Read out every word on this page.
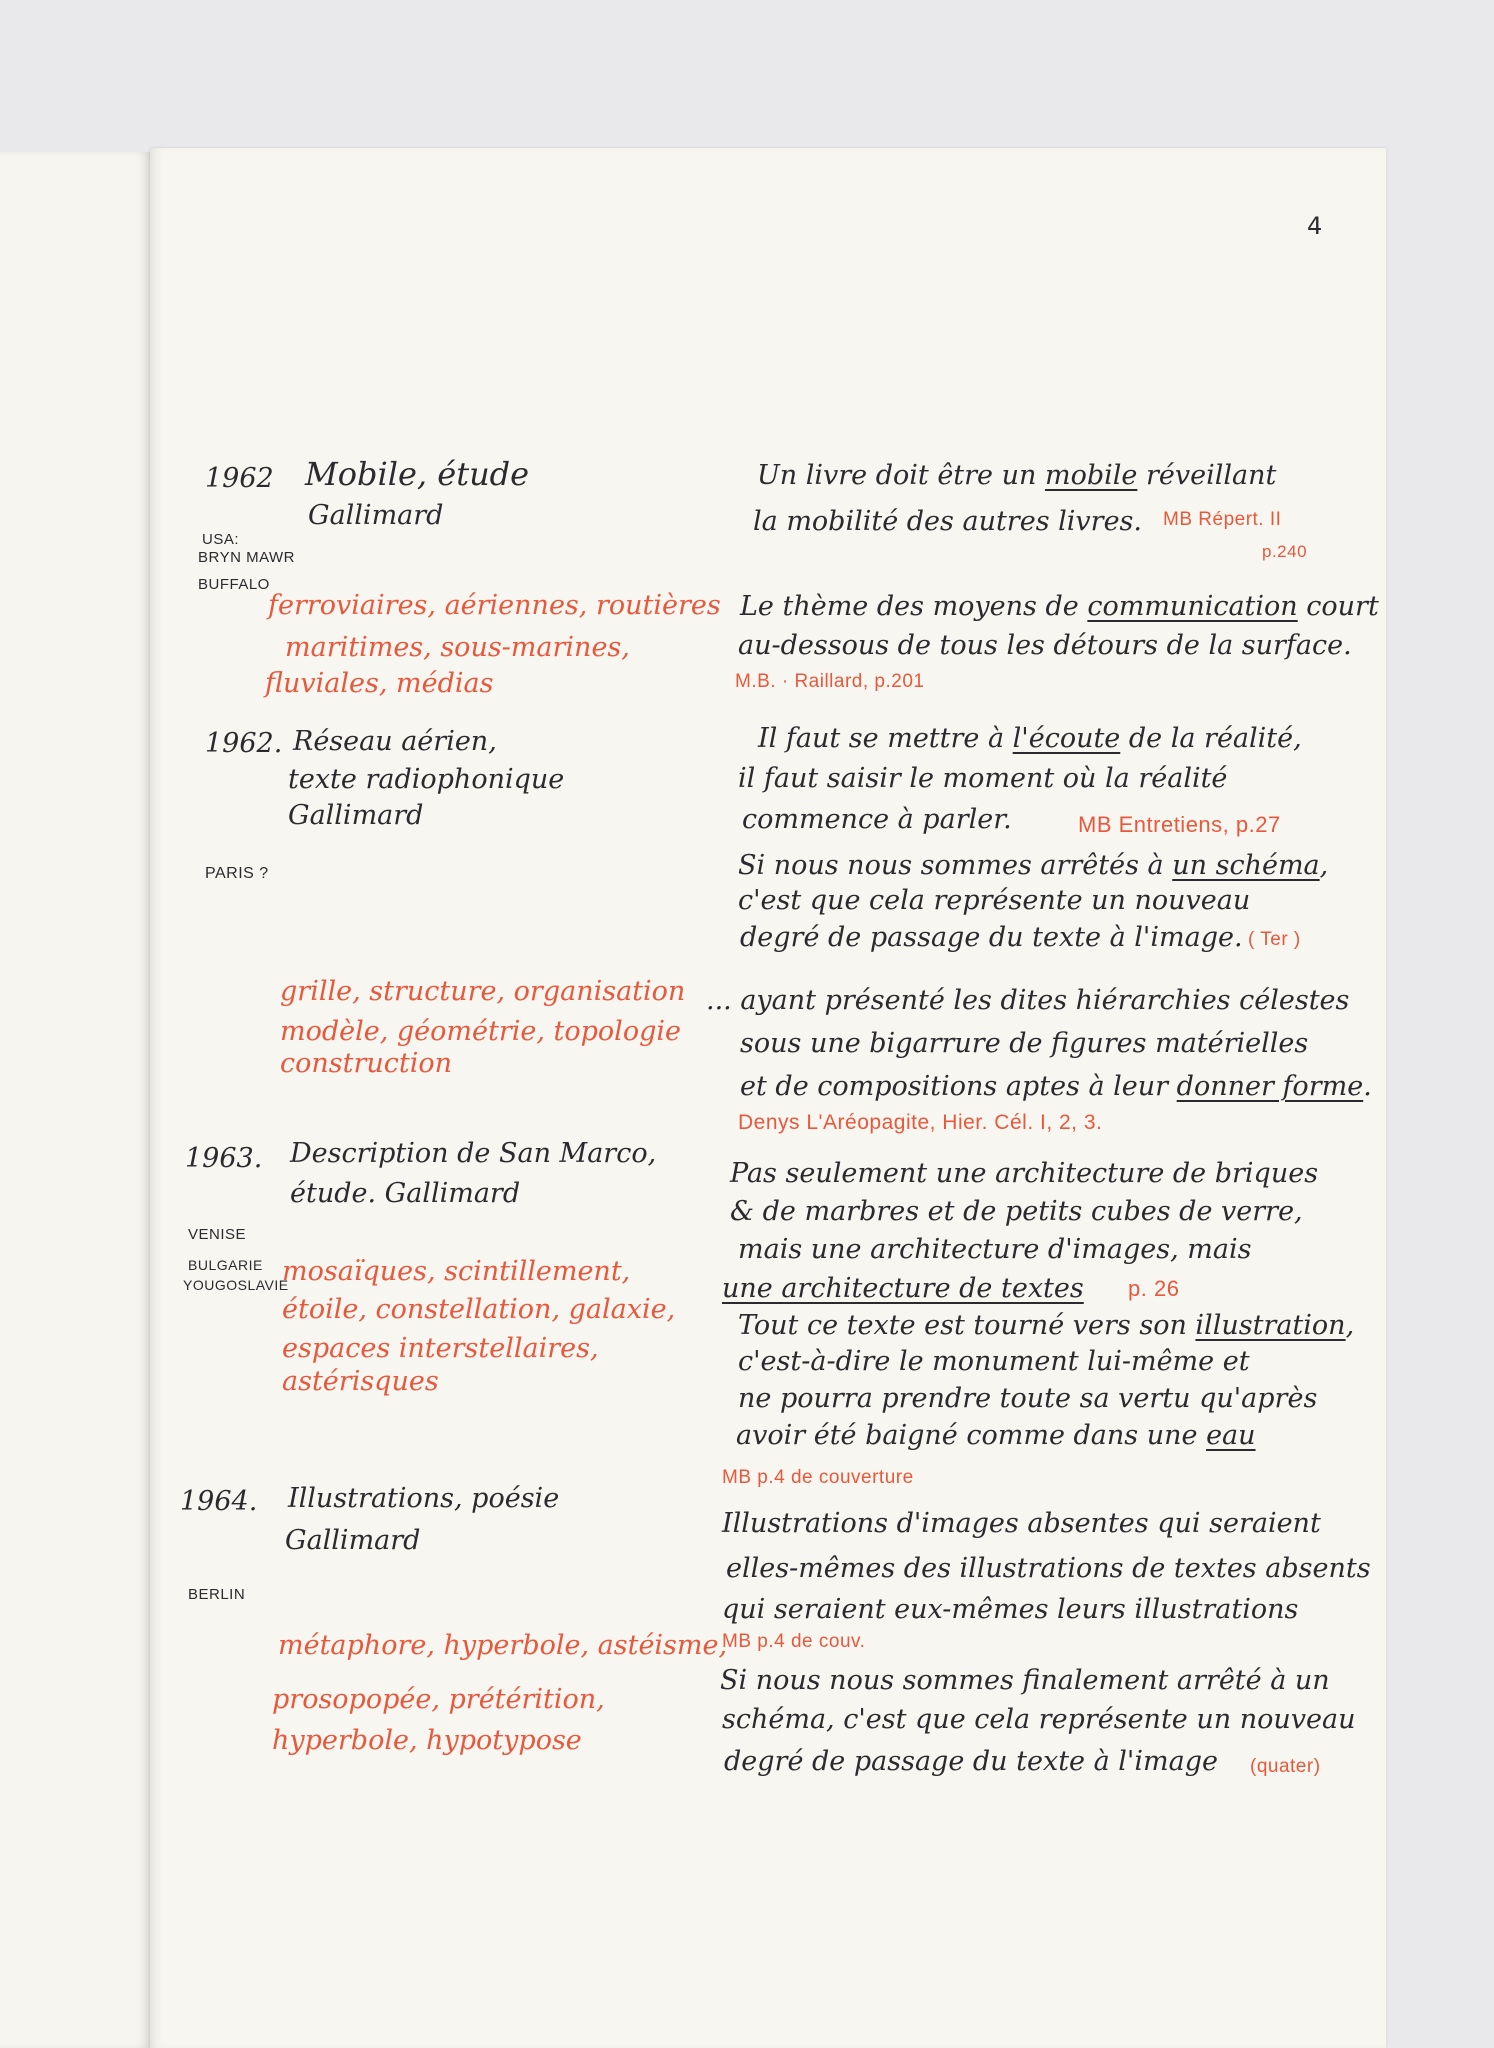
4
1962 Mobile, étude
Gallimard
USA:
BRYN MAWR
BUFFALO
ferroviaires, aériennes, routières
maritimes, sous-marines,
fluviales, médias
1962. Réseau aérien,
texte radiophonique
Gallimard
PARIS ?
grille, structure, organisation
modèle, géométrie, topologie
construction
1963. Description de San Marco,
étude. Gallimard
VENISE
BULGARIE
YOUGOSLAVIE
mosaïques, scintillement,
étoile, constellation, galaxie,
espaces interstellaires,
astérisques
1964. Illustrations, poésie
Gallimard
BERLIN
métaphore, hyperbole, astéisme,
prosopopée, prétérition,
hyperbole, hypotypose
Un livre doit être un mobile réveillant
la mobilité des autres livres. MB Répert. II
p.240
Le thème des moyens de communication court
au-dessous de tous les détours de la surface.
M.B. · Raillard, p.201
Il faut se mettre à l'écoute de la réalité,
il faut saisir le moment où la réalité
commence à parler.	MB Entretiens, p.27
Si nous nous sommes arrêtés à un schéma,
c'est que cela représente un nouveau
degré de passage du texte à l'image. ( Ter )
... ayant présenté les dites hiérarchies célestes
sous une bigarrure de figures matérielles
et de compositions aptes à leur donner forme.
Denys L'Aréopagite, Hier. Cél. I, 2, 3.
Pas seulement une architecture de briques
& de marbres et de petits cubes de verre,
mais une architecture d'images, mais
une architecture de textes p. 26
Tout ce texte est tourné vers son illustration,
c'est-à-dire le monument lui-même et
ne pourra prendre toute sa vertu qu'après
avoir été baigné comme dans une eau
MB p.4 de couverture
Illustrations d'images absentes qui seraient
elles-mêmes des illustrations de textes absents
qui seraient eux-mêmes leurs illustrations
MB p.4 de couv.
Si nous nous sommes finalement arrêté à un
schéma, c'est que cela représente un nouveau
degré de passage du texte à l'image (quater)
